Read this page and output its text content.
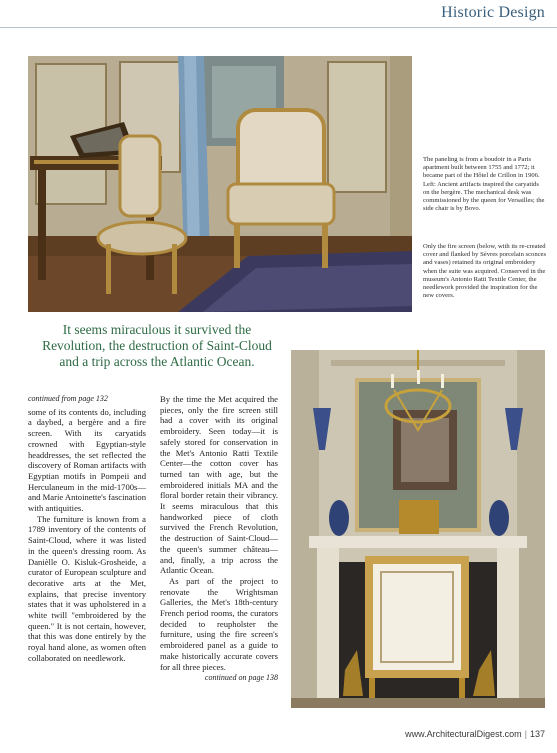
Historic Design
The paneling is from a boudoir in a Paris apartment built between 1755 and 1772; it became part of the Hôtel de Crillon in 1906. Left: Ancient artifacts inspired the caryatids on the bergère. The mechanical desk was commissioned by the queen for Versailles; the side chair is by Bovo.
Only the fire screen (below, with its re-created cover and flanked by Sèvres porcelain sconces and vases) retained its original embroidery when the suite was acquired. Conserved in the museum's Antonio Ratti Textile Center, the needlework provided the inspiration for the new covers.
It seems miraculous it survived the Revolution, the destruction of Saint-Cloud and a trip across the Atlantic Ocean.
continued from page 132

some of its contents do, including a daybed, a bergère and a fire screen. With its caryatids crowned with Egyptian-style headdresses, the set reflected the discovery of Roman artifacts with Egyptian motifs in Pompeii and Herculaneum in the mid-1700s—and Marie Antoinette's fascination with antiquities.

The furniture is known from a 1789 inventory of the contents of Saint-Cloud, where it was listed in the queen's dressing room. As Danièlle O. Kisluk-Grosheide, a curator of European sculpture and decorative arts at the Met, explains, that precise inventory states that it was upholstered in a white twill "embroidered by the queen." It is not certain, however, that this was done entirely by the royal hand alone, as women often collaborated on needlework.

By the time the Met acquired the pieces, only the fire screen still had a cover with its original embroidery. Seen today—it is safely stored for conservation in the Met's Antonio Ratti Textile Center—the cotton cover has turned tan with age, but the embroidered initials MA and the floral border retain their vibrancy. It seems miraculous that this handworked piece of cloth survived the French Revolution, the destruction of Saint-Cloud—the queen's summer château—and, finally, a trip across the Atlantic Ocean.

As part of the project to renovate the Wrightsman Galleries, the Met's 18th-century French period rooms, the curators decided to reupholster the furniture, using the fire screen's embroidered panel as a guide to make historically accurate covers for all three pieces.

continued on page 138
www.ArchitecturalDigest.com | 137
